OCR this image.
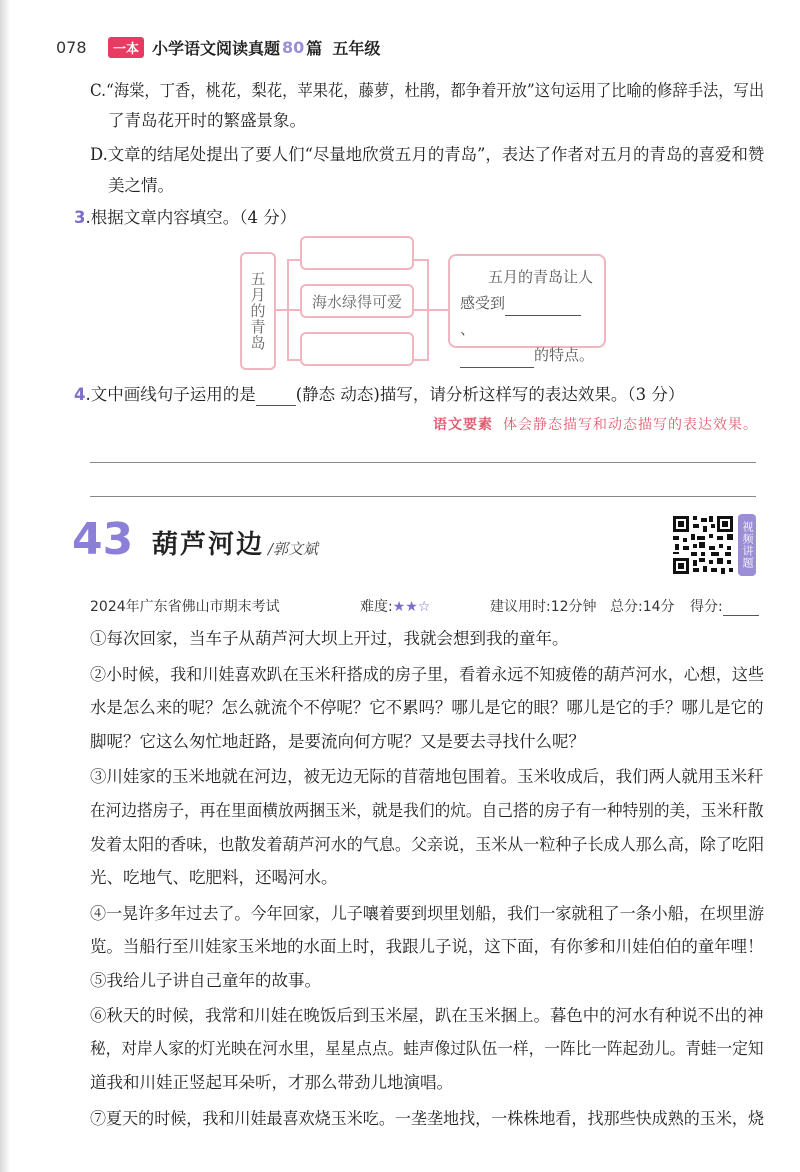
078	一本 小学语文阅读真题 80 篇 五年级
C.“海棠，丁香，桃花，梨花，苹果花，藤萝，杜鹃，都争着开放”这句运用了比喻的修辞手法，写出
了青岛花开时的繁盛景象。
D.文章的结尾处提出了要人们“尽量地欣赏五月的青岛”，表达了作者对五月的青岛的喜爱和赞
美之情。
3.根据文章内容填空。（4 分）
五月的青岛	海水绿得可爱
五月的青岛让人
感受到、
的特点。
4.文中画线句子运用的是 (静态 动态)描写，请分析这样写的表达效果。（3 分）
语文要素 体会静态描写和动态描写的表达效果。
43 葫芦河边 /郭文斌	视频讲题
2024年广东省佛山市期末考试	难度:★★☆	建议用时:12分钟 总分:14分 得分:
①每次回家，当车子从葫芦河大坝上开过，我就会想到我的童年。
②小时候，我和川娃喜欢趴在玉米秆搭成的房子里，看着永远不知疲倦的葫芦河水，心想，这些
水是怎么来的呢？怎么就流个不停呢？它不累吗？哪儿是它的眼？哪儿是它的手？哪儿是它的
脚呢？它这么匆忙地赶路，是要流向何方呢？又是要去寻找什么呢？
③川娃家的玉米地就在河边，被无边无际的苜蓿地包围着。玉米收成后，我们两人就用玉米秆
在河边搭房子，再在里面横放两捆玉米，就是我们的炕。自己搭的房子有一种特别的美，玉米秆散
发着太阳的香味，也散发着葫芦河水的气息。父亲说，玉米从一粒种子长成人那么高，除了吃阳
光、吃地气、吃肥料，还喝河水。
④一晃许多年过去了。今年回家，儿子嚷着要到坝里划船，我们一家就租了一条小船，在坝里游
览。当船行至川娃家玉米地的水面上时，我跟儿子说，这下面，有你爹和川娃伯伯的童年哩！
⑤我给儿子讲自己童年的故事。
⑥秋天的时候，我常和川娃在晚饭后到玉米屋，趴在玉米捆上。暮色中的河水有种说不出的神
秘，对岸人家的灯光映在河水里，星星点点。蛙声像过队伍一样，一阵比一阵起劲儿。青蛙一定知
道我和川娃正竖起耳朵听，才那么带劲儿地演唱。
⑦夏天的时候，我和川娃最喜欢烧玉米吃。一垄垄地找，一株株地看，找那些快成熟的玉米，烧
